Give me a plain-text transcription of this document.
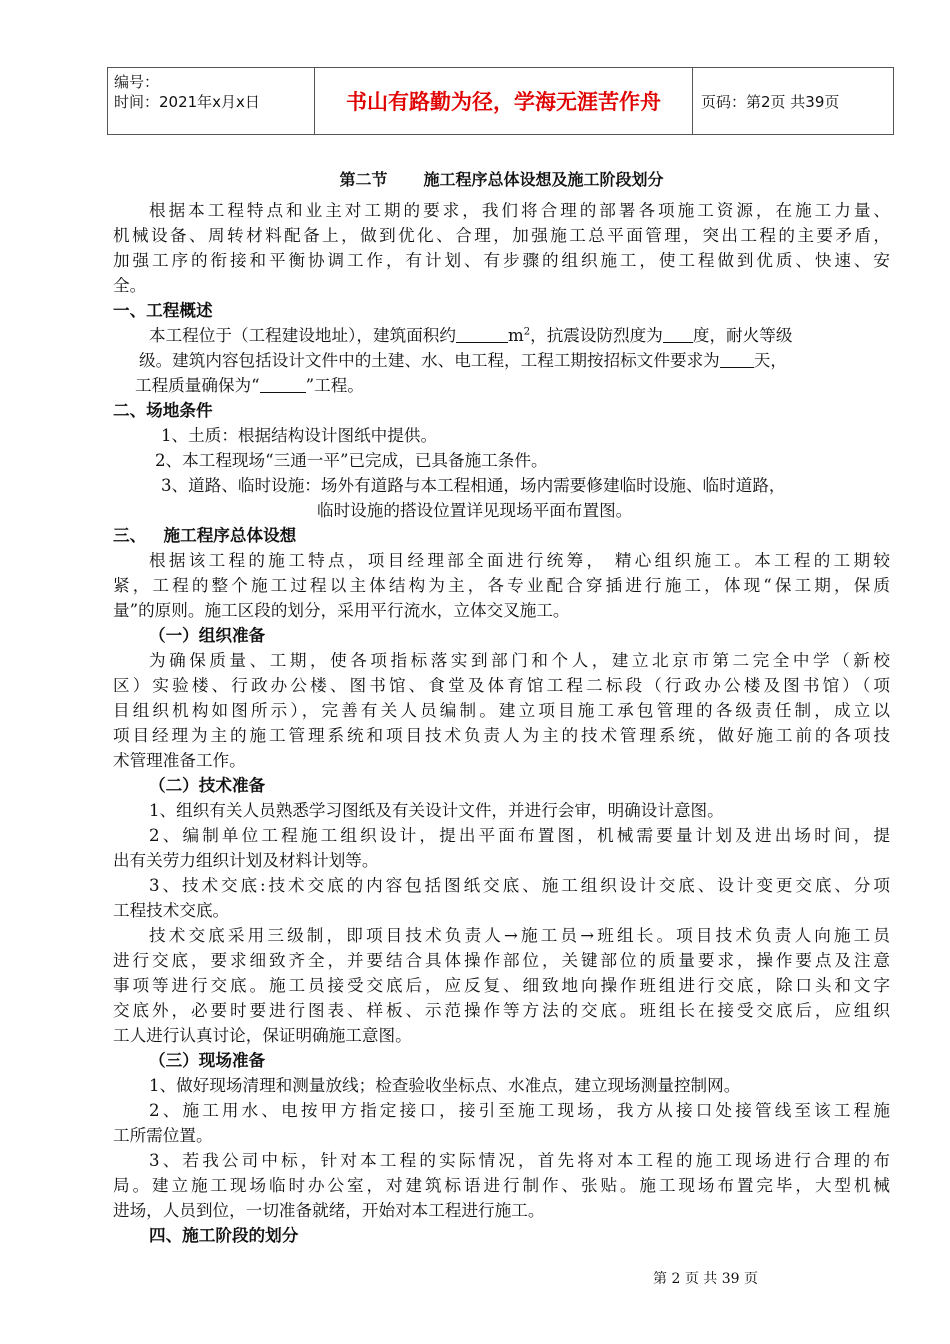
编号：
时间：2021年x月x日	书山有路勤为径，学海无涯苦作舟	页码：第2页 共39页
第二节 施工程序总体设想及施工阶段划分
根据本工程特点和业主对工期的要求，我们将合理的部署各项施工资源，在施工力量、
机械设备、周转材料配备上，做到优化、合理，加强施工总平面管理，突出工程的主要矛盾，
加强工序的衔接和平衡协调工作，有计划、有步骤的组织施工，使工程做到优质、快速、安
全。
一、工程概述
本工程位于（工程建设地址），建筑面积约	$m^2$，抗震设防烈度为 度，耐火等级
级。建筑内容包括设计文件中的土建、水、电工程，工程工期按招标文件要求为 天，
工程质量确保为“	”工程。
二、场地条件
1、土质：根据结构设计图纸中提供。
2、本工程现场“三通一平”已完成，已具备施工条件。
3、道路、临时设施：场外有道路与本工程相通，场内需要修建临时设施、临时道路，
临时设施的搭设位置详见现场平面布置图。
三、   施工程序总体设想
根据该工程的施工特点，项目经理部全面进行统筹， 精心组织施工。本工程的工期较
紧，工程的整个施工过程以主体结构为主，各专业配合穿插进行施工，体现“保工期，保质
量”的原则。施工区段的划分，采用平行流水，立体交叉施工。
（一）组织准备
为确保质量、工期，使各项指标落实到部门和个人，建立北京市第二完全中学（新校
区）实验楼、行政办公楼、图书馆、食堂及体育馆工程二标段（行政办公楼及图书馆）（项
目组织机构如图所示），完善有关人员编制。建立项目施工承包管理的各级责任制，成立以
项目经理为主的施工管理系统和项目技术负责人为主的技术管理系统，做好施工前的各项技
术管理准备工作。
（二）技术准备
1、组织有关人员熟悉学习图纸及有关设计文件，并进行会审，明确设计意图。
2、编制单位工程施工组织设计，提出平面布置图，机械需要量计划及进出场时间，提
出有关劳力组织计划及材料计划等。
3、技术交底:技术交底的内容包括图纸交底、施工组织设计交底、设计变更交底、分项
工程技术交底。
技术交底采用三级制，即项目技术负责人→施工员→班组长。项目技术负责人向施工员
进行交底，要求细致齐全，并要结合具体操作部位，关键部位的质量要求，操作要点及注意
事项等进行交底。施工员接受交底后，应反复、细致地向操作班组进行交底，除口头和文字
交底外，必要时要进行图表、样板、示范操作等方法的交底。班组长在接受交底后，应组织
工人进行认真讨论，保证明确施工意图。
（三）现场准备
1、做好现场清理和测量放线；检查验收坐标点、水准点，建立现场测量控制网。
2、施工用水、电按甲方指定接口，接引至施工现场，我方从接口处接管线至该工程施
工所需位置。
3、若我公司中标，针对本工程的实际情况，首先将对本工程的施工现场进行合理的布
局。建立施工现场临时办公室，对建筑标语进行制作、张贴。施工现场布置完毕，大型机械
进场，人员到位，一切准备就绪，开始对本工程进行施工。
四、施工阶段的划分
第 2 页 共 39 页
